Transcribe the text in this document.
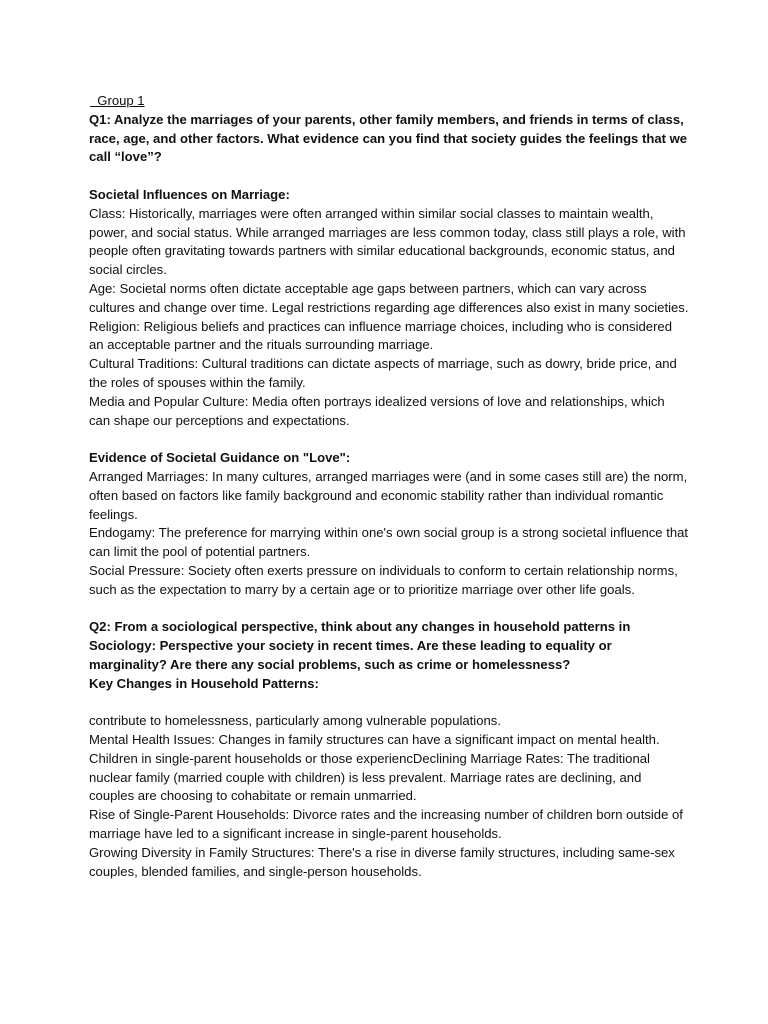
Group 1

Q1: Analyze the marriages of your parents, other family members, and friends in terms of class, race, age, and other factors. What evidence can you find that society guides the feelings that we call “love”?

Societal Influences on Marriage:

Class: Historically, marriages were often arranged within similar social classes to maintain wealth, power, and social status. While arranged marriages are less common today, class still plays a role, with people often gravitating towards partners with similar educational backgrounds, economic status, and social circles.

Age: Societal norms often dictate acceptable age gaps between partners, which can vary across cultures and change over time. Legal restrictions regarding age differences also exist in many societies.

Religion: Religious beliefs and practices can influence marriage choices, including who is considered an acceptable partner and the rituals surrounding marriage.

Cultural Traditions: Cultural traditions can dictate aspects of marriage, such as dowry, bride price, and the roles of spouses within the family.

Media and Popular Culture: Media often portrays idealized versions of love and relationships, which can shape our perceptions and expectations.

Evidence of Societal Guidance on "Love":

Arranged Marriages: In many cultures, arranged marriages were (and in some cases still are) the norm, often based on factors like family background and economic stability rather than individual romantic feelings.

Endogamy: The preference for marrying within one's own social group is a strong societal influence that can limit the pool of potential partners.

Social Pressure: Society often exerts pressure on individuals to conform to certain relationship norms, such as the expectation to marry by a certain age or to prioritize marriage over other life goals.

Q2: From a sociological perspective, think about any changes in household patterns in Sociology: Perspective your society in recent times. Are these leading to equality or marginality? Are there any social problems, such as crime or homelessness?

Key Changes in Household Patterns:

contribute to homelessness, particularly among vulnerable populations.

Mental Health Issues: Changes in family structures can have a significant impact on mental health. Children in single-parent households or those experiencDeclining Marriage Rates: The traditional nuclear family (married couple with children) is less prevalent. Marriage rates are declining, and couples are choosing to cohabitate or remain unmarried.

Rise of Single-Parent Households: Divorce rates and the increasing number of children born outside of marriage have led to a significant increase in single-parent households.

Growing Diversity in Family Structures: There's a rise in diverse family structures, including same-sex couples, blended families, and single-person households.
